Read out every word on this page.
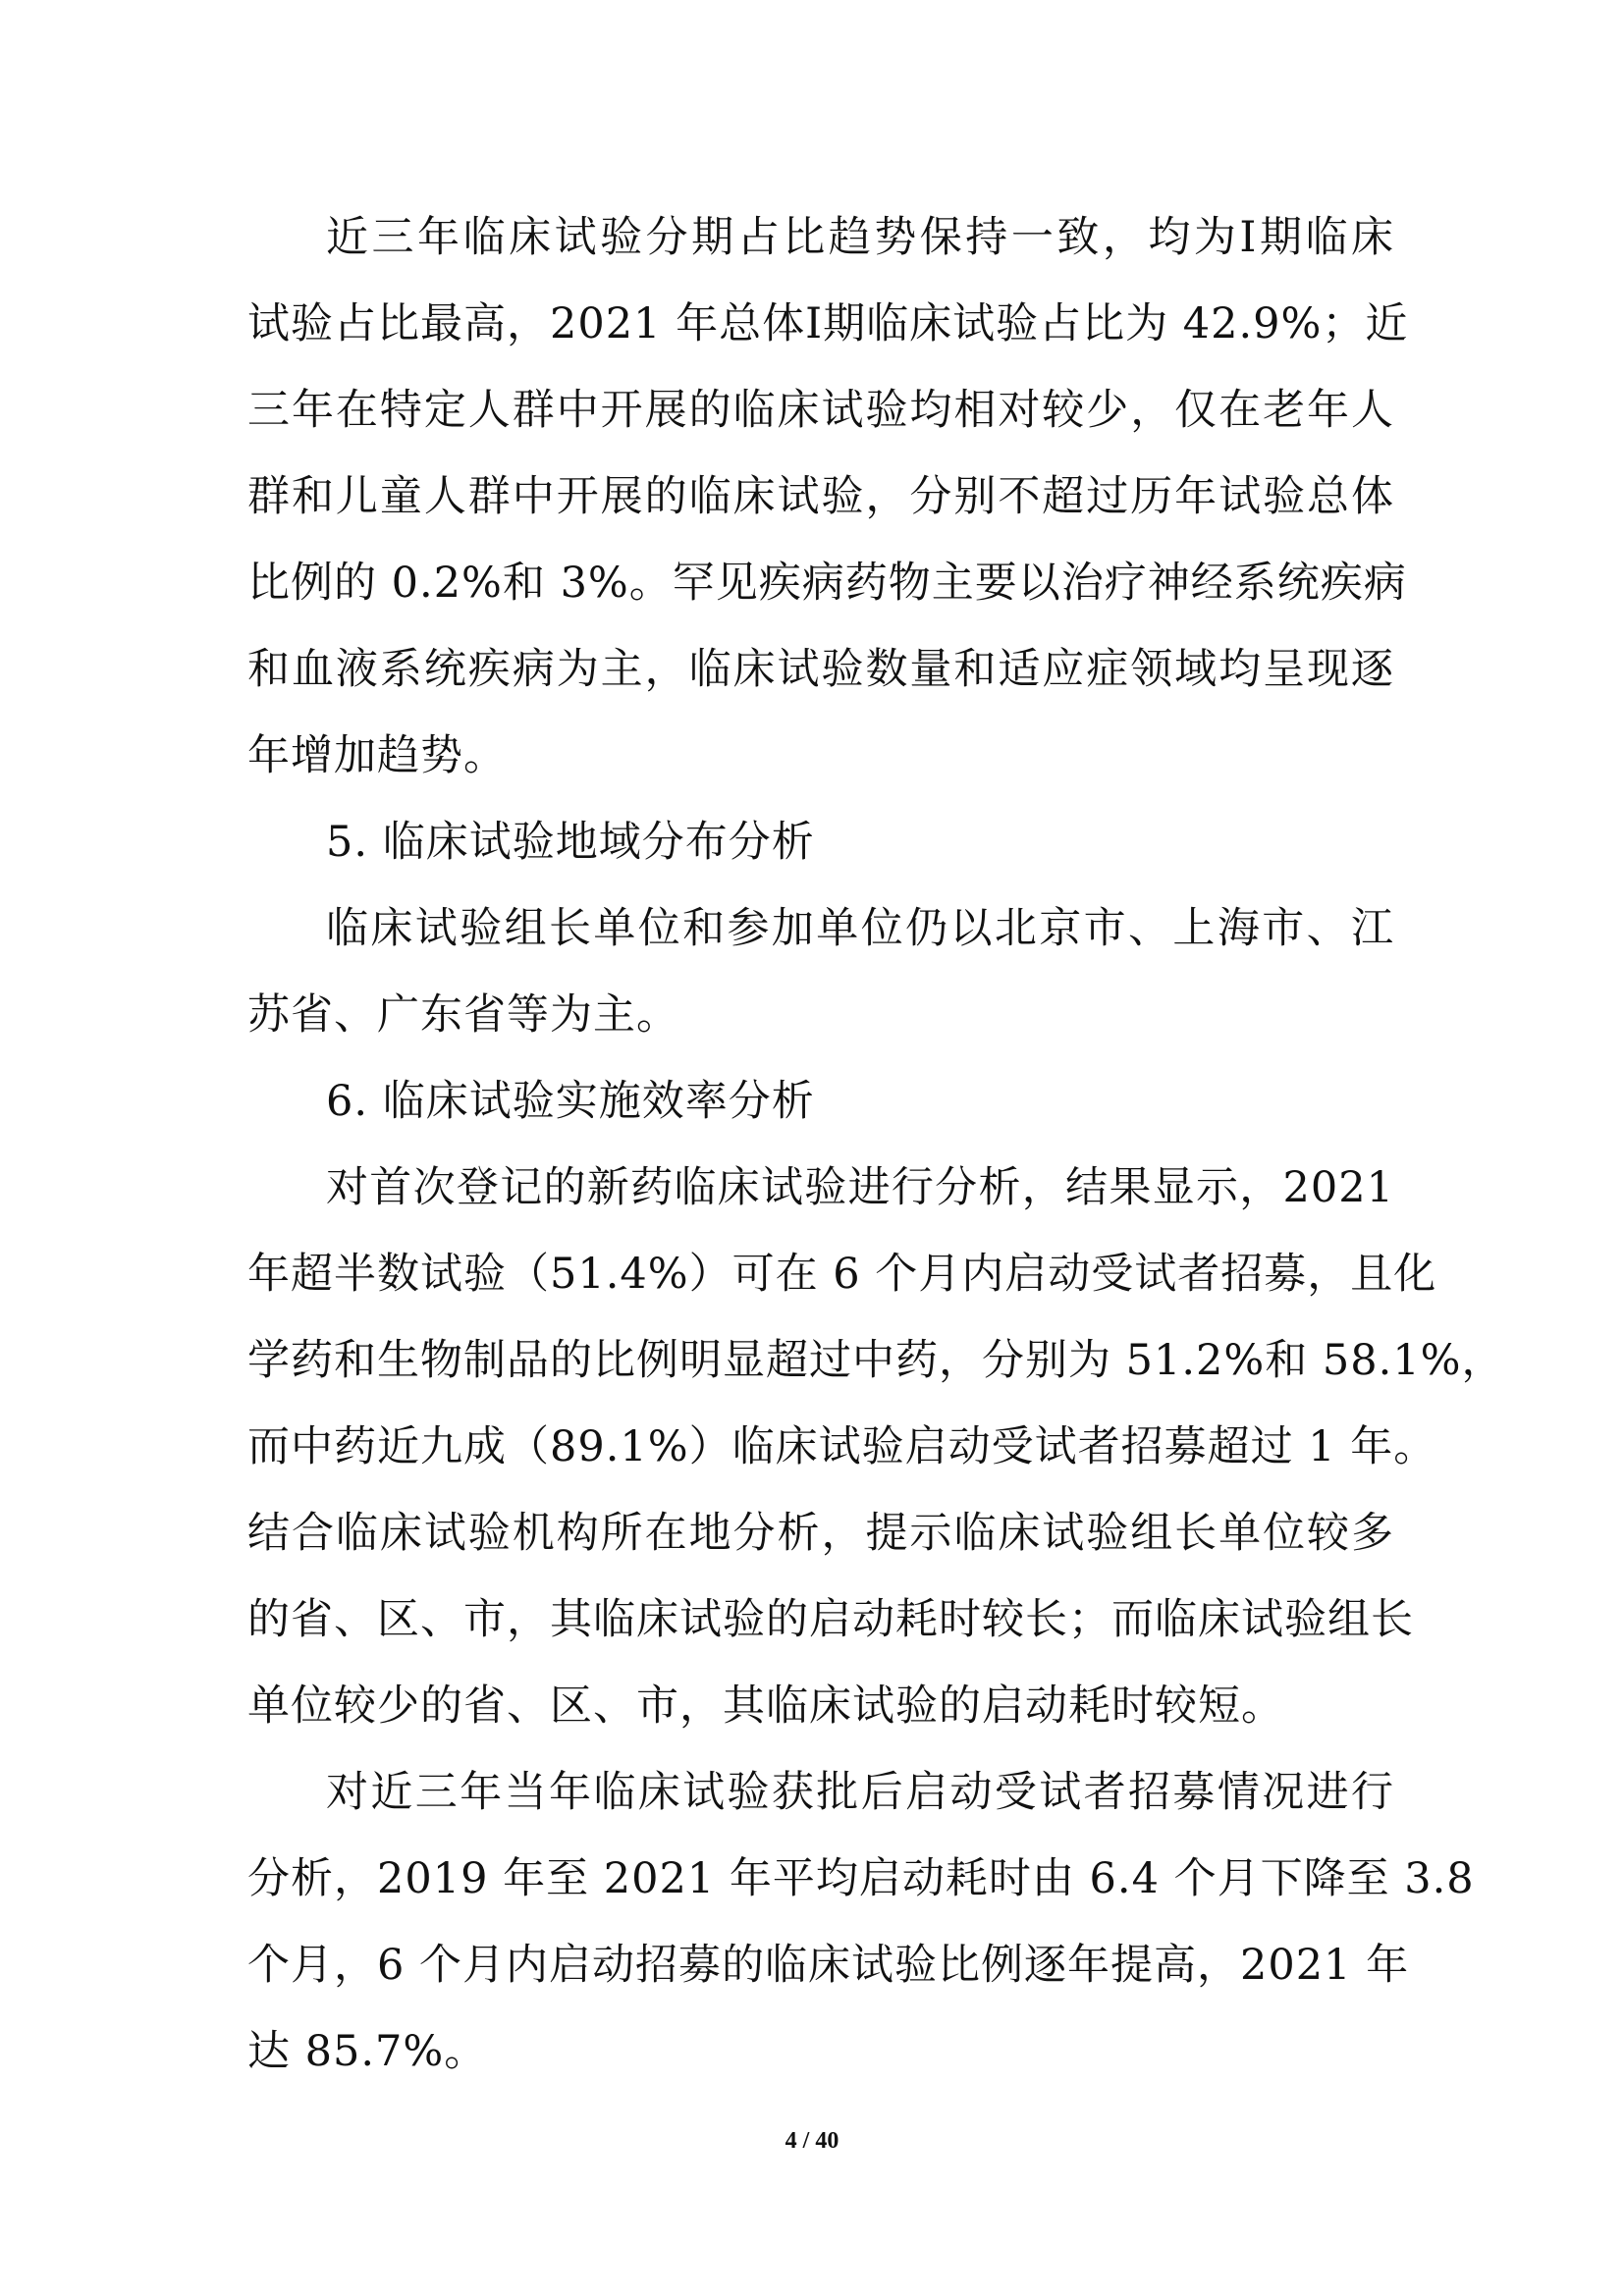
近三年临床试验分期占比趋势保持一致，均为Ⅰ期临床
试验占比最高，2021 年总体Ⅰ期临床试验占比为 42.9%；近
三年在特定人群中开展的临床试验均相对较少，仅在老年人
群和儿童人群中开展的临床试验，分别不超过历年试验总体
比例的 0.2%和 3%。罕见疾病药物主要以治疗神经系统疾病
和血液系统疾病为主，临床试验数量和适应症领域均呈现逐
年增加趋势。
5. 临床试验地域分布分析
临床试验组长单位和参加单位仍以北京市、上海市、江
苏省、广东省等为主。
6. 临床试验实施效率分析
对首次登记的新药临床试验进行分析，结果显示，2021
年超半数试验（51.4%）可在 6 个月内启动受试者招募，且化
学药和生物制品的比例明显超过中药，分别为 51.2%和 58.1%，
而中药近九成（89.1%）临床试验启动受试者招募超过 1 年。
结合临床试验机构所在地分析，提示临床试验组长单位较多
的省、区、市，其临床试验的启动耗时较长；而临床试验组长
单位较少的省、区、市，其临床试验的启动耗时较短。
对近三年当年临床试验获批后启动受试者招募情况进行
分析，2019 年至 2021 年平均启动耗时由 6.4 个月下降至 3.8
个月，6 个月内启动招募的临床试验比例逐年提高，2021 年
达 85.7%。
4 / 40
